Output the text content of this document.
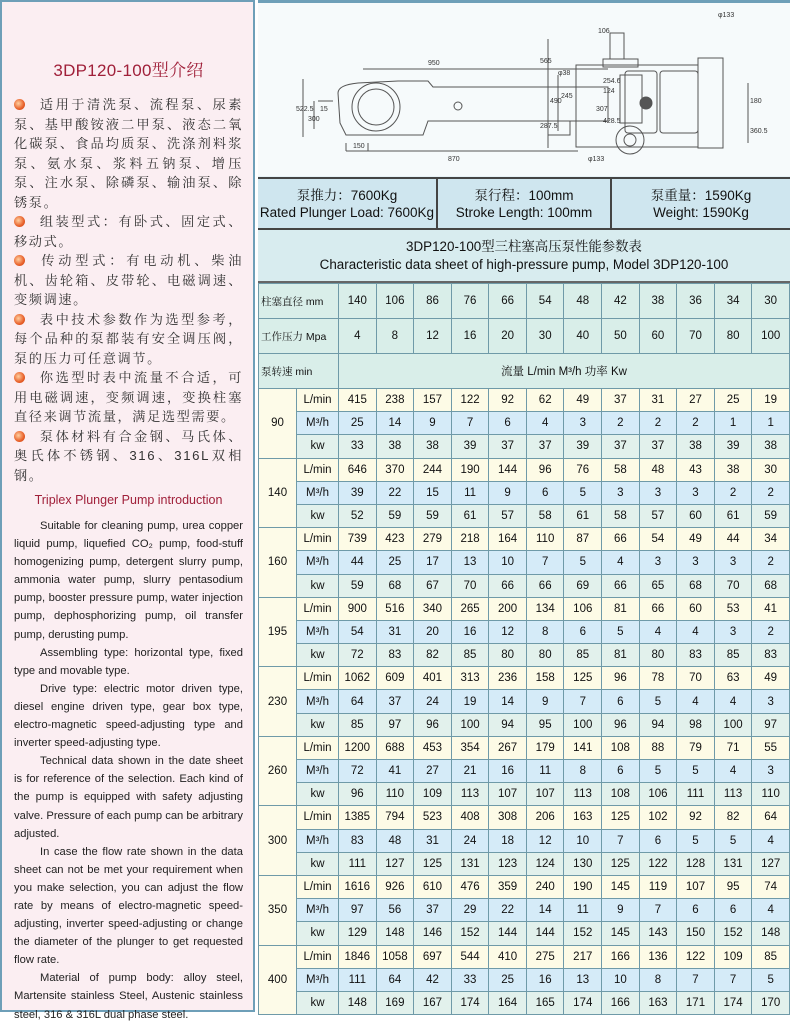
3DP120-100型介绍

适用于清洗泵、流程泵、尿素泵、基甲酸铵液二甲泵、液态二氧化碳泵、食品均质泵、洗涤剂料浆泵、氨水泵、浆料五钠泵、增压泵、注水泵、除磷泵、输油泵、除锈泵。

组装型式：有卧式、固定式、移动式。

传动型式：有电动机、柴油机、齿轮箱、皮带轮、电磁调速、变频调速。

表中技术参数作为选型参考，每个品种的泵都装有安全调压阀，泵的压力可任意调节。

你选型时表中流量不合适，可用电磁调速，变频调速，变换柱塞直径来调节流量，满足选型需要。

泵体材料有合金钢、马氏体、奥氏体不锈钢、316、316L双相钢。

Triplex Plunger Pump introduction

Suitable for cleaning pump, urea copper liquid pump, liquefied CO₂ pump, food-stuff homogenizing pump, detergent slurry pump, ammonia water pump, slurry pentasodium pump, booster pressure pump, water injection pump, dephosphorizing pump, oil transfer pump, derusting pump.

Assembling type: horizontal type, fixed type and movable type.

Drive type: electric motor driven type, diesel engine driven type, gear box type, electro-magnetic speed-adjusting type and inverter speed-adjusting type.

Technical data shown in the date sheet is for reference of the selection. Each kind of the pump is equipped with safety adjusting valve. Pressure of each pump can be arbitrary adjusted.

In case the flow rate shown in the data sheet can not be met your requirement when you make selection, you can adjust the flow rate by means of electro-magnetic speed-adjusting, inverter speed-adjusting or change the diameter of the plunger to get requested flow rate.

Material of pump body: alloy steel, Martensite stainless Steel, Austenic stainless steel, 316 & 316L dual phase steel.

950
φ38
522.5
300
15
150
870
124
254.6
307
428.5
φ133
φ133
106
565
245
490
287.5
180
360.5
泵推力：7600Kg
Rated Plunger Load: 7600Kg
泵行程：100mm
Stroke Length: 100mm
泵重量：1590Kg
Weight: 1590Kg
3DP120-100型三柱塞高压泵性能参数表
Characteristic data sheet of high-pressure pump, Model 3DP120-100
柱塞直径 mm		140	106	86	76	66	54	48	42	38	36	34	30
工作压力 Mpa		4	8	12	16	20	30	40	50	60	70	80	100
泵转速 min		流量 L/min M³/h 功率 Kw											
90	L/min	415	238	157	122	92	62	49	37	31	27	25	19
	M³/h	25	14	9	7	6	4	3	2	2	2	1	1
	kw	33	38	38	39	37	37	39	37	37	38	39	38
140	L/min	646	370	244	190	144	96	76	58	48	43	38	30
	M³/h	39	22	15	11	9	6	5	3	3	3	2	2
	kw	52	59	59	61	57	58	61	58	57	60	61	59
160	L/min	739	423	279	218	164	110	87	66	54	49	44	34
	M³/h	44	25	17	13	10	7	5	4	3	3	3	2
	kw	59	68	67	70	66	66	69	66	65	68	70	68
195	L/min	900	516	340	265	200	134	106	81	66	60	53	41
	M³/h	54	31	20	16	12	8	6	5	4	4	3	2
	kw	72	83	82	85	80	80	85	81	80	83	85	83
230	L/min	1062	609	401	313	236	158	125	96	78	70	63	49
	M³/h	64	37	24	19	14	9	7	6	5	4	4	3
	kw	85	97	96	100	94	95	100	96	94	98	100	97
260	L/min	1200	688	453	354	267	179	141	108	88	79	71	55
	M³/h	72	41	27	21	16	11	8	6	5	5	4	3
	kw	96	110	109	113	107	107	113	108	106	111	113	110
300	L/min	1385	794	523	408	308	206	163	125	102	92	82	64
	M³/h	83	48	31	24	18	12	10	7	6	5	5	4
	kw	111	127	125	131	123	124	130	125	122	128	131	127
350	L/min	1616	926	610	476	359	240	190	145	119	107	95	74
	M³/h	97	56	37	29	22	14	11	9	7	6	6	4
	kw	129	148	146	152	144	144	152	145	143	150	152	148
400	L/min	1846	1058	697	544	410	275	217	166	136	122	109	85
	M³/h	111	64	42	33	25	16	13	10	8	7	7	5
	kw	148	169	167	174	164	165	174	166	163	171	174	170
